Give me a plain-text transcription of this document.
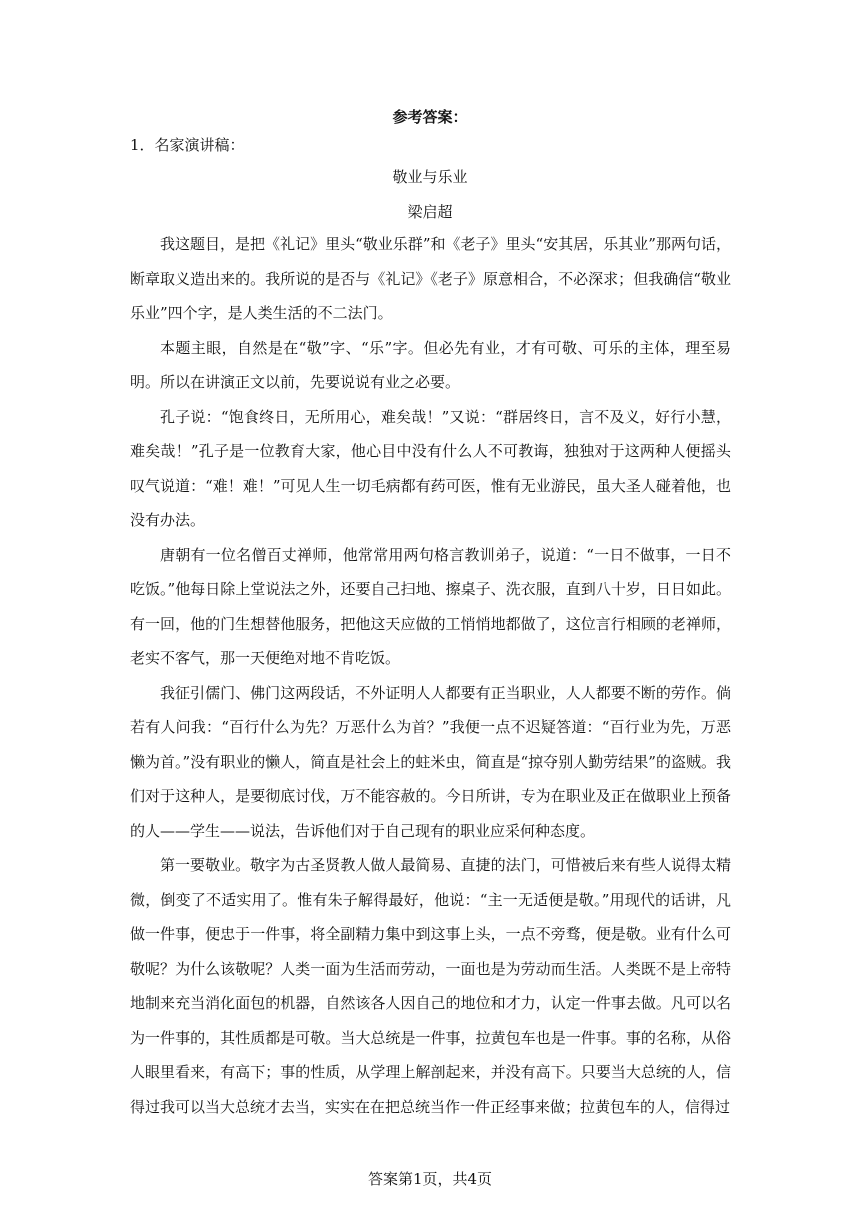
参考答案：

1．名家演讲稿：

敬业与乐业

梁启超

我这题目，是把《礼记》里头“敬业乐群”和《老子》里头“安其居，乐其业”那两句话，断章取义造出来的。我所说的是否与《礼记》《老子》原意相合，不必深求；但我确信“敬业乐业”四个字，是人类生活的不二法门。

本题主眼，自然是在“敬”字、“乐”字。但必先有业，才有可敬、可乐的主体，理至易明。所以在讲演正文以前，先要说说有业之必要。

孔子说：“饱食终日，无所用心，难矣哉！”又说：“群居终日，言不及义，好行小慧，难矣哉！”孔子是一位教育大家，他心目中没有什么人不可教诲，独独对于这两种人便摇头叹气说道：“难！难！”可见人生一切毛病都有药可医，惟有无业游民，虽大圣人碰着他，也没有办法。

唐朝有一位名僧百丈禅师，他常常用两句格言教训弟子，说道：“一日不做事，一日不吃饭。”他每日除上堂说法之外，还要自己扫地、擦桌子、洗衣服，直到八十岁，日日如此。有一回，他的门生想替他服务，把他这天应做的工悄悄地都做了，这位言行相顾的老禅师，老实不客气，那一天便绝对地不肯吃饭。

我征引儒门、佛门这两段话，不外证明人人都要有正当职业，人人都要不断的劳作。倘若有人问我：“百行什么为先？万恶什么为首？”我便一点不迟疑答道：“百行业为先，万恶懒为首。”没有职业的懒人，简直是社会上的蛀米虫，简直是“掠夺别人勤劳结果”的盗贼。我们对于这种人，是要彻底讨伐，万不能容赦的。今日所讲，专为在职业及正在做职业上预备的人——学生——说法，告诉他们对于自己现有的职业应采何种态度。

第一要敬业。敬字为古圣贤教人做人最简易、直捷的法门，可惜被后来有些人说得太精微，倒变了不适实用了。惟有朱子解得最好，他说：“主一无适便是敬。”用现代的话讲，凡做一件事，便忠于一件事，将全副精力集中到这事上头，一点不旁骛，便是敬。业有什么可敬呢？为什么该敬呢？人类一面为生活而劳动，一面也是为劳动而生活。人类既不是上帝特地制来充当消化面包的机器，自然该各人因自己的地位和才力，认定一件事去做。凡可以名为一件事的，其性质都是可敬。当大总统是一件事，拉黄包车也是一件事。事的名称，从俗人眼里看来，有高下；事的性质，从学理上解剖起来，并没有高下。只要当大总统的人，信得过我可以当大总统才去当，实实在在把总统当作一件正经事来做；拉黄包车的人，信得过

答案第1页，共4页
